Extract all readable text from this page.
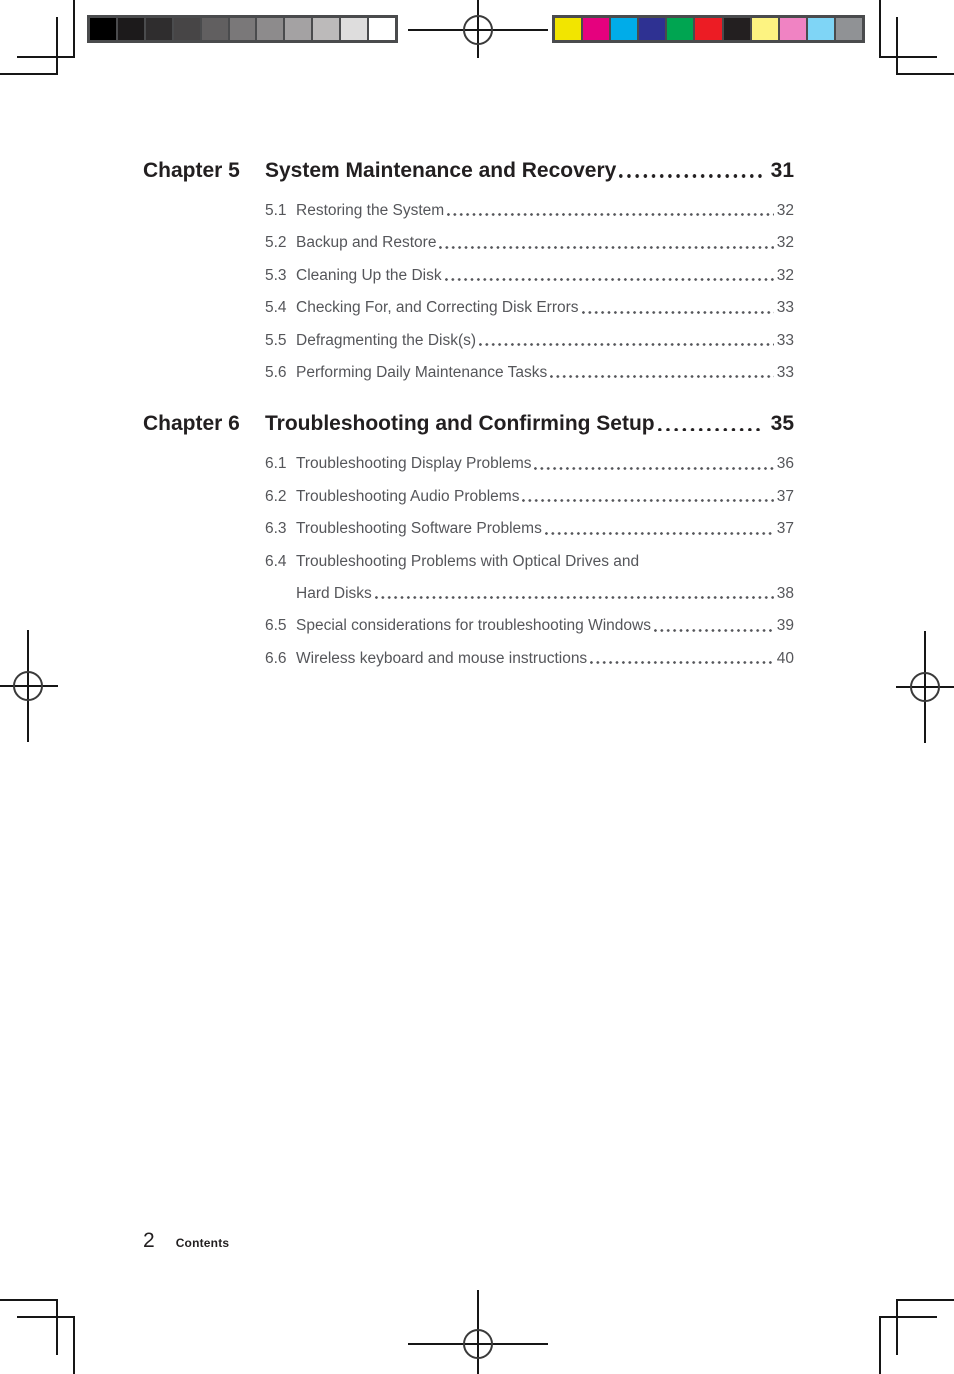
Chapter 5	System Maintenance and Recovery	31
5.1 Restoring the System	32
5.2 Backup and Restore	32
5.3 Cleaning Up the Disk	32
5.4 Checking For, and Correcting Disk Errors	33
5.5 Defragmenting the Disk(s)	33
5.6 Performing Daily Maintenance Tasks	33
Chapter 6	Troubleshooting and Confirming Setup	35
6.1 Troubleshooting Display Problems	36
6.2 Troubleshooting Audio Problems	37
6.3 Troubleshooting Software Problems	37
6.4 Troubleshooting Problems with Optical Drives and
Hard Disks	38
6.5 Special considerations for troubleshooting Windows	39
6.6 Wireless keyboard and mouse instructions	40
2 Contents
